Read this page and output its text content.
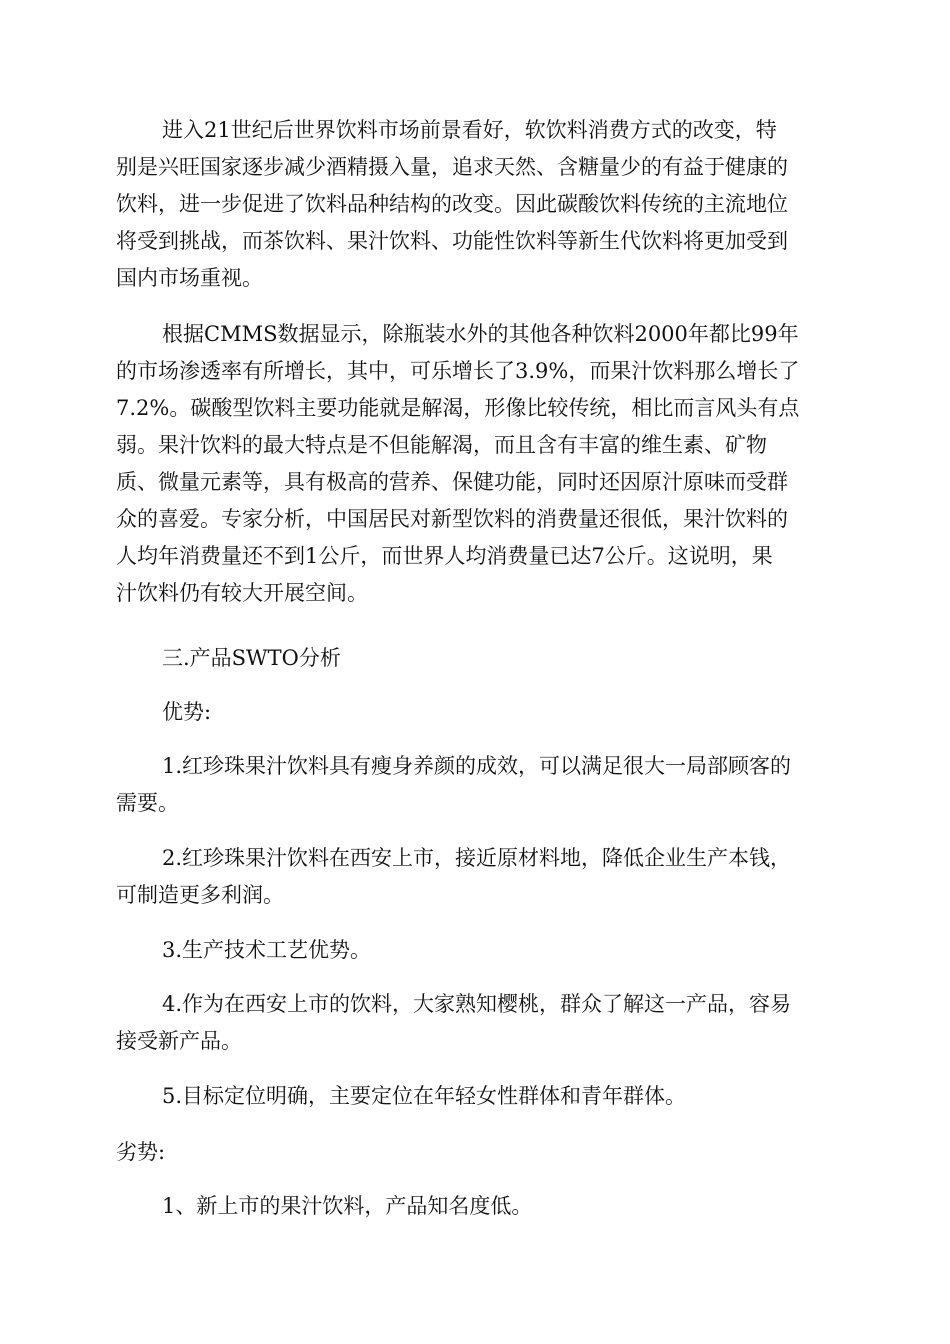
进入21世纪后世界饮料市场前景看好，软饮料消费方式的改变，特
别是兴旺国家逐步减少酒精摄入量，追求天然、含糖量少的有益于健康的
饮料，进一步促进了饮料品种结构的改变。因此碳酸饮料传统的主流地位
将受到挑战，而茶饮料、果汁饮料、功能性饮料等新生代饮料将更加受到
国内市场重视。

根据CMMS数据显示，除瓶装水外的其他各种饮料2000年都比99年
的市场渗透率有所增长，其中，可乐增长了3.9%，而果汁饮料那么增长了
7.2%。碳酸型饮料主要功能就是解渴，形像比较传统，相比而言风头有点
弱。果汁饮料的最大特点是不但能解渴，而且含有丰富的维生素、矿物
质、微量元素等，具有极高的营养、保健功能，同时还因原汁原味而受群
众的喜爱。专家分析，中国居民对新型饮料的消费量还很低，果汁饮料的
人均年消费量还不到1公斤，而世界人均消费量已达7公斤。这说明，果
汁饮料仍有较大开展空间。

三.产品SWTO分析

优势:

1.红珍珠果汁饮料具有瘦身养颜的成效，可以满足很大一局部顾客的
需要。

2.红珍珠果汁饮料在西安上市，接近原材料地，降低企业生产本钱，
可制造更多利润。

3.生产技术工艺优势。

4.作为在西安上市的饮料，大家熟知樱桃，群众了解这一产品，容易
接受新产品。

5.目标定位明确，主要定位在年轻女性群体和青年群体。

劣势:

1、新上市的果汁饮料，产品知名度低。
